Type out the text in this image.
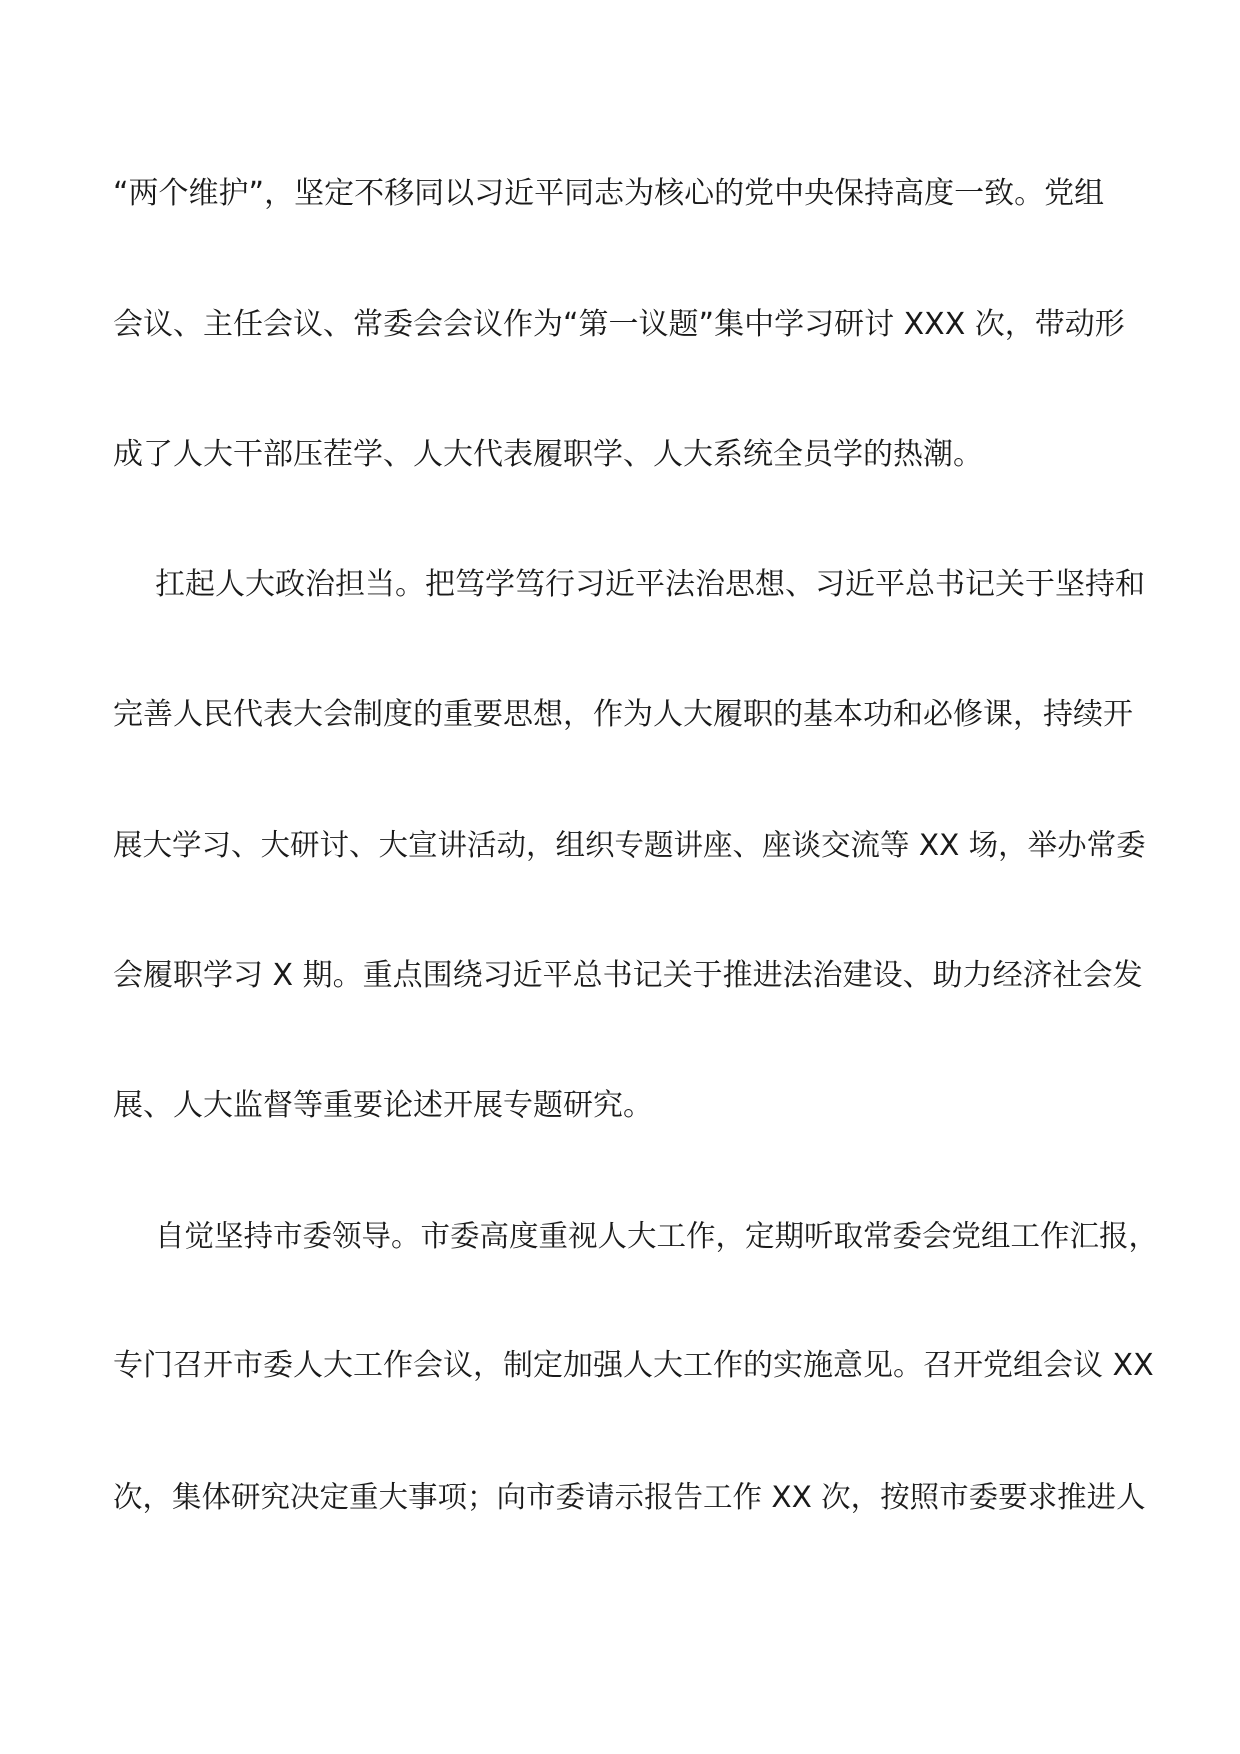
“两个维护”，坚定不移同以习近平同志为核心的党中央保持高度一致。党组

会议、主任会议、常委会会议作为“第一议题”集中学习研讨 XXX 次，带动形

成了人大干部压茬学、人大代表履职学、人大系统全员学的热潮。

扛起人大政治担当。把笃学笃行习近平法治思想、习近平总书记关于坚持和

完善人民代表大会制度的重要思想，作为人大履职的基本功和必修课，持续开

展大学习、大研讨、大宣讲活动，组织专题讲座、座谈交流等 XX 场，举办常委

会履职学习 X 期。重点围绕习近平总书记关于推进法治建设、助力经济社会发

展、人大监督等重要论述开展专题研究。

自觉坚持市委领导。市委高度重视人大工作，定期听取常委会党组工作汇报，

专门召开市委人大工作会议，制定加强人大工作的实施意见。召开党组会议 XX

次，集体研究决定重大事项；向市委请示报告工作 XX 次，按照市委要求推进人
